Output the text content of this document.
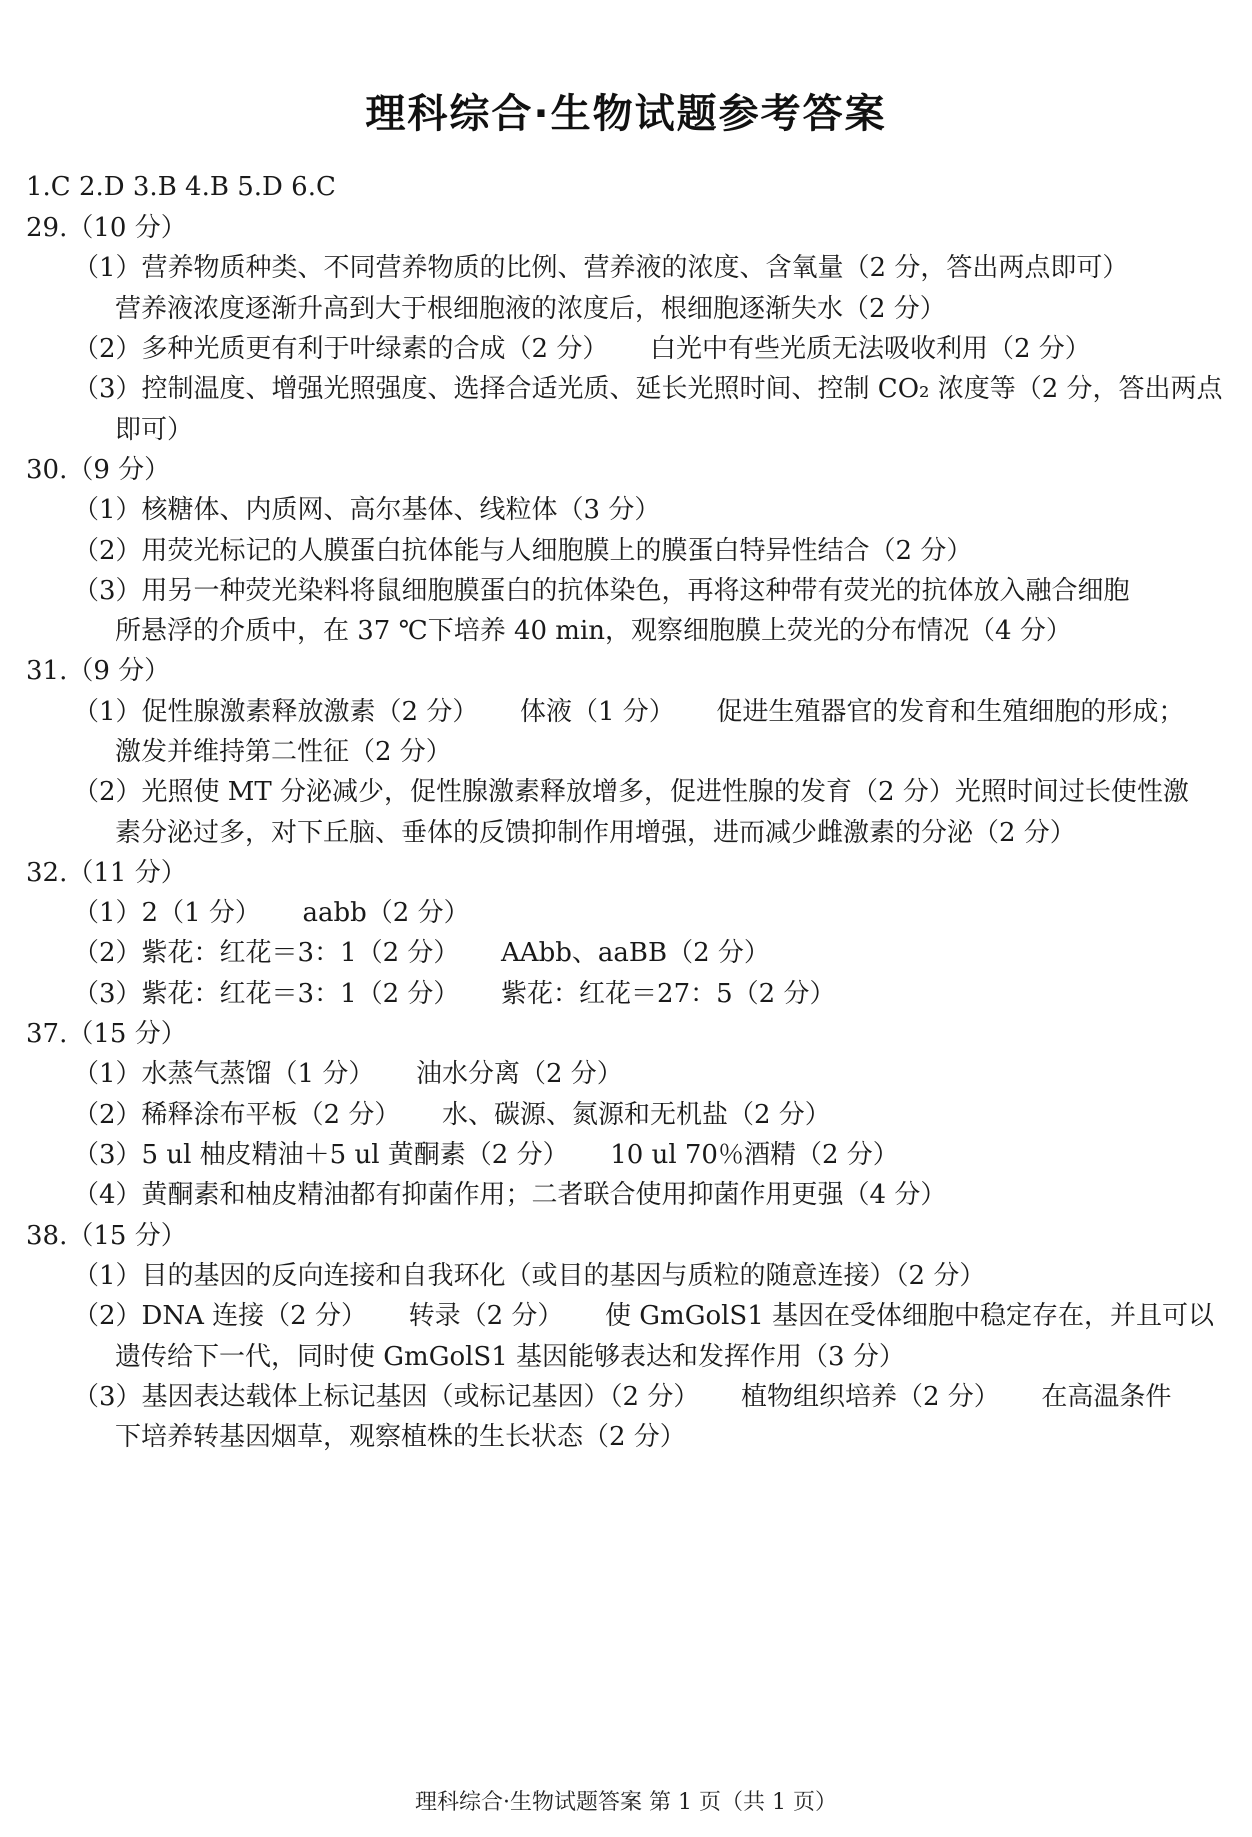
理科综合·生物试题参考答案
1.C 2.D 3.B 4.B 5.D 6.C
29.（10 分）
（1）营养物质种类、不同营养物质的比例、营养液的浓度、含氧量（2 分，答出两点即可）
营养液浓度逐渐升高到大于根细胞液的浓度后，根细胞逐渐失水（2 分）
（2）多种光质更有利于叶绿素的合成（2 分） 白光中有些光质无法吸收利用（2 分）
（3）控制温度、增强光照强度、选择合适光质、延长光照时间、控制 CO₂ 浓度等（2 分，答出两点
即可）
30.（9 分）
（1）核糖体、内质网、高尔基体、线粒体（3 分）
（2）用荧光标记的人膜蛋白抗体能与人细胞膜上的膜蛋白特异性结合（2 分）
（3）用另一种荧光染料将鼠细胞膜蛋白的抗体染色，再将这种带有荧光的抗体放入融合细胞
所悬浮的介质中，在 37 ℃下培养 40 min，观察细胞膜上荧光的分布情况（4 分）
31.（9 分）
（1）促性腺激素释放激素（2 分） 体液（1 分） 促进生殖器官的发育和生殖细胞的形成；
激发并维持第二性征（2 分）
（2）光照使 MT 分泌减少，促性腺激素释放增多，促进性腺的发育（2 分）光照时间过长使性激
素分泌过多，对下丘脑、垂体的反馈抑制作用增强，进而减少雌激素的分泌（2 分）
32.（11 分）
（1）2（1 分） aabb（2 分）
（2）紫花：红花＝3：1（2 分） AAbb、aaBB（2 分）
（3）紫花：红花＝3：1（2 分） 紫花：红花＝27：5（2 分）
37.（15 分）
（1）水蒸气蒸馏（1 分） 油水分离（2 分）
（2）稀释涂布平板（2 分） 水、碳源、氮源和无机盐（2 分）
（3）5 ul 柚皮精油＋5 ul 黄酮素（2 分） 10 ul 70％酒精（2 分）
（4）黄酮素和柚皮精油都有抑菌作用；二者联合使用抑菌作用更强（4 分）
38.（15 分）
（1）目的基因的反向连接和自我环化（或目的基因与质粒的随意连接）（2 分）
（2）DNA 连接（2 分） 转录（2 分） 使 GmGolS1 基因在受体细胞中稳定存在，并且可以
遗传给下一代，同时使 GmGolS1 基因能够表达和发挥作用（3 分）
（3）基因表达载体上标记基因（或标记基因）（2 分） 植物组织培养（2 分） 在高温条件
下培养转基因烟草，观察植株的生长状态（2 分）
理科综合·生物试题答案 第 1 页（共 1 页）
